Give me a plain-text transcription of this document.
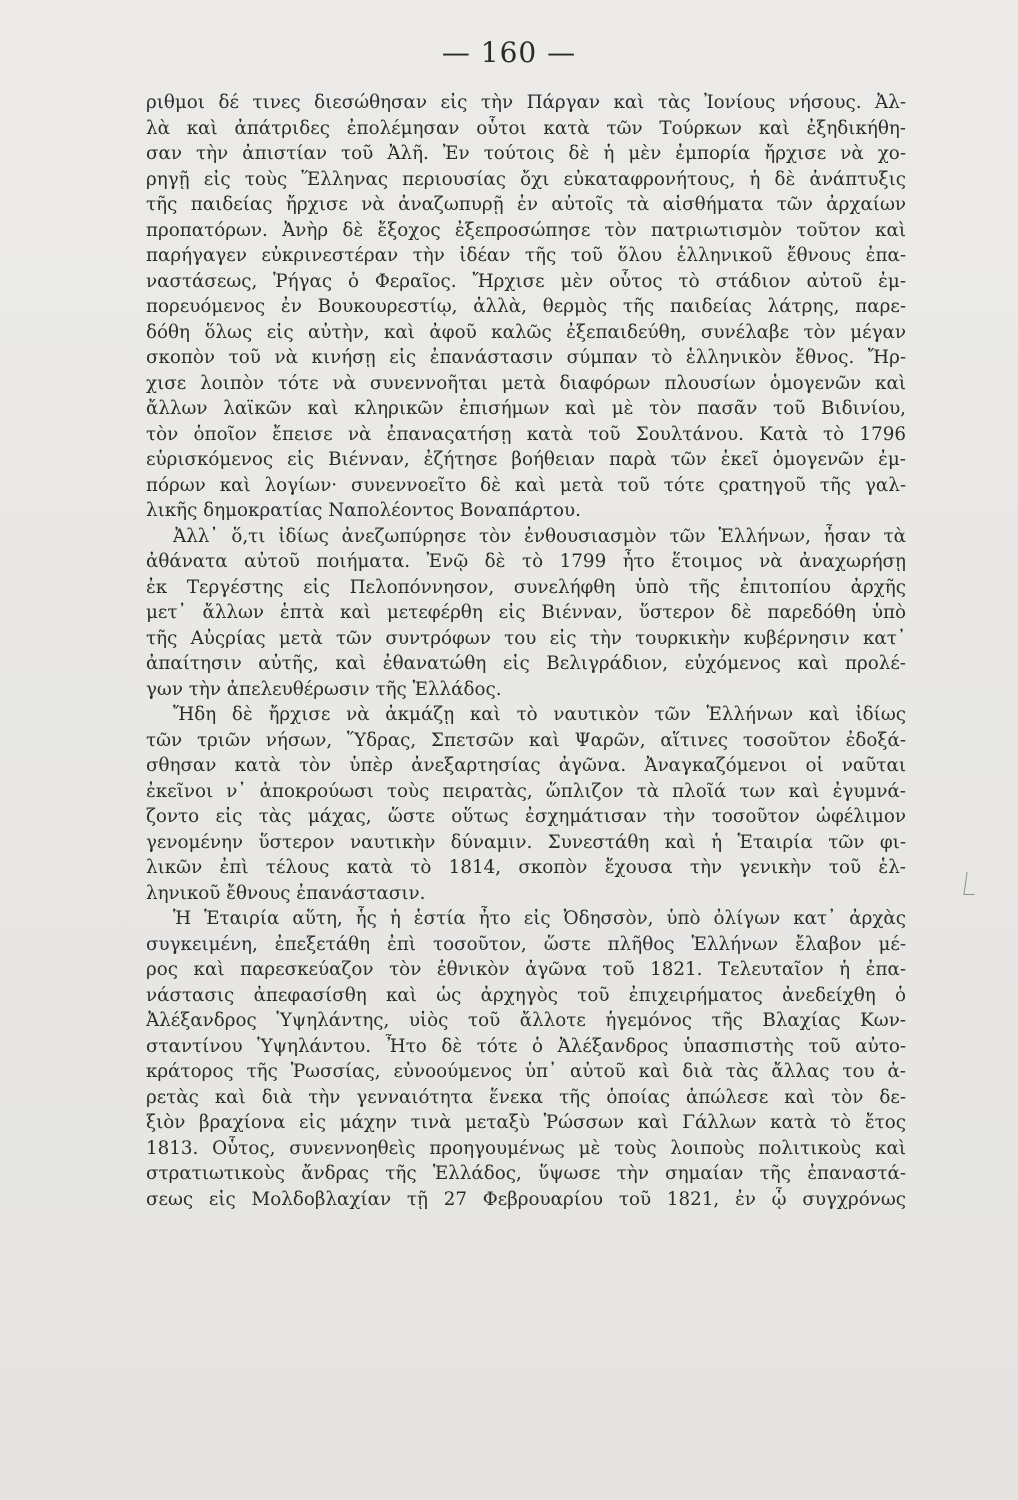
— 160 —
ριθμοι δέ τινες διεσώθησαν εἰς τὴν Πάργαν καὶ τὰς Ἰονίους νήσους. Ἀλ-
λὰ καὶ ἀπάτριδες ἐπολέμησαν οὗτοι κατὰ τῶν Τούρκων καὶ ἐξηδικήθη-
σαν τὴν ἀπιστίαν τοῦ Ἀλῆ. Ἐν τούτοις δὲ ἡ μὲν ἐμπορία ἤρχισε νὰ χο-
ρηγῇ εἰς τοὺς Ἕλληνας περιουσίας ὄχι εὐκαταφρονήτους, ἡ δὲ ἀνάπτυξις
τῆς παιδείας ἤρχισε νὰ ἀναζωπυρῇ ἐν αὐτοῖς τὰ αἰσθήματα τῶν ἀρχαίων
προπατόρων. Ἀνὴρ δὲ ἔξοχος ἐξεπροσώπησε τὸν πατριωτισμὸν τοῦτον καὶ
παρήγαγεν εὐκρινεστέραν τὴν ἰδέαν τῆς τοῦ ὅλου ἑλληνικοῦ ἔθνους ἐπα-
ναστάσεως, Ῥήγας ὁ Φεραῖος. Ἤρχισε μὲν οὗτος τὸ στάδιον αὐτοῦ ἐμ-
πορευόμενος ἐν Βουκουρεστίῳ, ἀλλὰ, θερμὸς τῆς παιδείας λάτρης, παρε-
δόθη ὅλως εἰς αὐτὴν, καὶ ἀφοῦ καλῶς ἐξεπαιδεύθη, συνέλαβε τὸν μέγαν
σκοπὸν τοῦ νὰ κινήσῃ εἰς ἐπανάστασιν σύμπαν τὸ ἑλληνικὸν ἔθνος. Ἤρ-
χισε λοιπὸν τότε νὰ συνεννοῆται μετὰ διαφόρων πλουσίων ὁμογενῶν καὶ
ἄλλων λαϊκῶν καὶ κληρικῶν ἐπισήμων καὶ μὲ τὸν πασᾶν τοῦ Βιδινίου,
τὸν ὁποῖον ἔπεισε νὰ ἐπαναςατήσῃ κατὰ τοῦ Σουλτάνου. Κατὰ τὸ 1796
εὑρισκόμενος εἰς Βιένναν, ἐζήτησε βοήθειαν παρὰ τῶν ἐκεῖ ὁμογενῶν ἐμ-
πόρων καὶ λογίων· συνεννοεῖτο δὲ καὶ μετὰ τοῦ τότε ςρατηγοῦ τῆς γαλ-
λικῆς δημοκρατίας Ναπολέοντος Βοναπάρτου.
Ἀλλ᾽ ὅ,τι ἰδίως ἀνεζωπύρησε τὸν ἐνθουσιασμὸν τῶν Ἑλλήνων, ἦσαν τὰ
ἀθάνατα αὐτοῦ ποιήματα. Ἐνῷ δὲ τὸ 1799 ἦτο ἕτοιμος νὰ ἀναχωρήσῃ
ἐκ Τεργέστης εἰς Πελοπόννησον, συνελήφθη ὑπὸ τῆς ἐπιτοπίου ἀρχῆς
μετ᾽ ἄλλων ἑπτὰ καὶ μετεφέρθη εἰς Βιένναν, ὕστερον δὲ παρεδόθη ὑπὸ
τῆς Αὐςρίας μετὰ τῶν συντρόφων του εἰς τὴν τουρκικὴν κυβέρνησιν κατ᾽
ἀπαίτησιν αὐτῆς, καὶ ἐθανατώθη εἰς Βελιγράδιον, εὐχόμενος καὶ προλέ-
γων τὴν ἀπελευθέρωσιν τῆς Ἑλλάδος.
Ἤδη δὲ ἤρχισε νὰ ἀκμάζῃ καὶ τὸ ναυτικὸν τῶν Ἑλλήνων καὶ ἰδίως
τῶν τριῶν νήσων, Ὕδρας, Σπετσῶν καὶ Ψαρῶν, αἵτινες τοσοῦτον ἐδοξά-
σθησαν κατὰ τὸν ὑπὲρ ἀνεξαρτησίας ἀγῶνα. Ἀναγκαζόμενοι οἱ ναῦται
ἐκεῖνοι ν᾽ ἀποκρούωσι τοὺς πειρατὰς, ὥπλιζον τὰ πλοῖά των καὶ ἐγυμνά-
ζοντο εἰς τὰς μάχας, ὥστε οὕτως ἐσχημάτισαν τὴν τοσοῦτον ὠφέλιμον
γενομένην ὕστερον ναυτικὴν δύναμιν. Συνεστάθη καὶ ἡ Ἑταιρία τῶν φι-
λικῶν ἐπὶ τέλους κατὰ τὸ 1814, σκοπὸν ἔχουσα τὴν γενικὴν τοῦ ἑλ-
ληνικοῦ ἔθνους ἐπανάστασιν.
Ἡ Ἑταιρία αὕτη, ἧς ἡ ἑστία ἦτο εἰς Ὀδησσὸν, ὑπὸ ὀλίγων κατ᾽ ἀρχὰς
συγκειμένη, ἐπεξετάθη ἐπὶ τοσοῦτον, ὥστε πλῆθος Ἑλλήνων ἔλαβον μέ-
ρος καὶ παρεσκεύαζον τὸν ἐθνικὸν ἀγῶνα τοῦ 1821. Τελευταῖον ἡ ἐπα-
νάστασις ἀπεφασίσθη καὶ ὡς ἀρχηγὸς τοῦ ἐπιχειρήματος ἀνεδείχθη ὁ
Ἀλέξανδρος Ὑψηλάντης, υἱὸς τοῦ ἄλλοτε ἡγεμόνος τῆς Βλαχίας Κων-
σταντίνου Ὑψηλάντου. Ἦτο δὲ τότε ὁ Ἀλέξανδρος ὑπασπιστὴς τοῦ αὐτο-
κράτορος τῆς Ῥωσσίας, εὐνοούμενος ὑπ᾽ αὐτοῦ καὶ διὰ τὰς ἄλλας του ἀ-
ρετὰς καὶ διὰ τὴν γενναιότητα ἕνεκα τῆς ὁποίας ἀπώλεσε καὶ τὸν δε-
ξιὸν βραχίονα εἰς μάχην τινὰ μεταξὺ Ῥώσσων καὶ Γάλλων κατὰ τὸ ἔτος
1813. Οὗτος, συνεννοηθεὶς προηγουμένως μὲ τοὺς λοιποὺς πολιτικοὺς καὶ
στρατιωτικοὺς ἄνδρας τῆς Ἑλλάδος, ὕψωσε τὴν σημαίαν τῆς ἐπαναστά-
σεως εἰς Μολδοβλαχίαν τῇ 27 Φεβρουαρίου τοῦ 1821, ἐν ᾧ συγχρόνως
